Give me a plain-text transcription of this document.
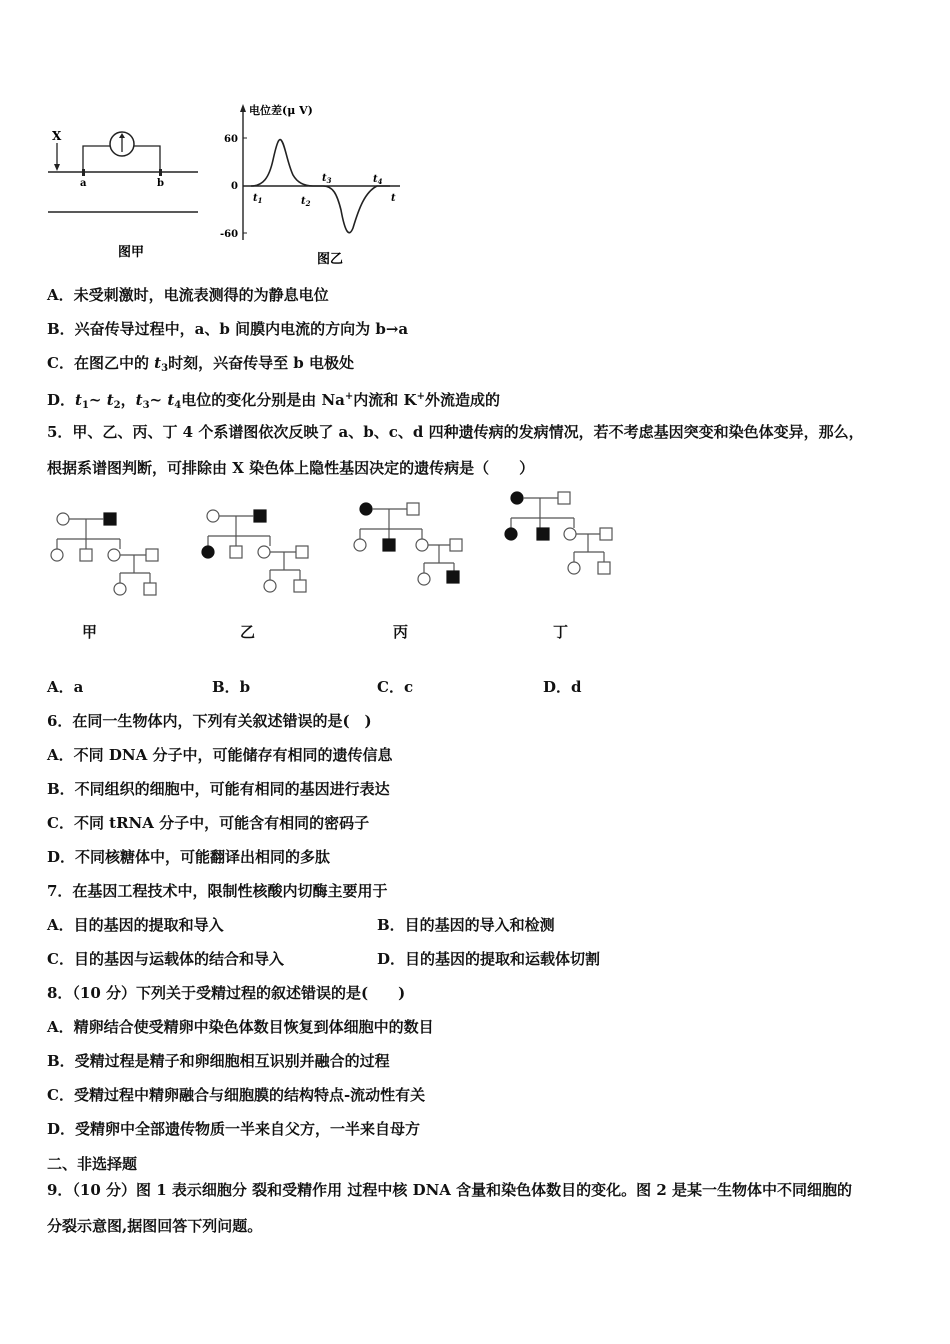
X
a	b
图甲
电位差(μ V)
60
0
-60
$t_1$	$t_2$
$t_3$	$t_4$
t
图乙
A．未受刺激时，电流表测得的为静息电位
B．兴奋传导过程中，a、b 间膜内电流的方向为 b→a
C．在图乙中的 $t_3$时刻，兴奋传导至 b 电极处
D．$t_1\sim$ $t_2$，$t_3\sim$ $t_4$电位的变化分别是由 Na+内流和 K+外流造成的
5．甲、乙、丙、丁 4 个系谱图依次反映了 a、b、c、d 四种遗传病的发病情况，若不考虑基因突变和染色体变异，那么，
根据系谱图判断，可排除由 X 染色体上隐性基因决定的遗传病是（　　）
甲	乙	丙	丁
A．a	B．b	C．c	D．d
6．在同一生物体内，下列有关叙述错误的是(　)
A．不同 DNA 分子中，可能储存有相同的遗传信息
B．不同组织的细胞中，可能有相同的基因进行表达
C．不同 tRNA 分子中，可能含有相同的密码子
D．不同核糖体中，可能翻译出相同的多肽
7．在基因工程技术中，限制性核酸内切酶主要用于
A．目的基因的提取和导入	B．目的基因的导入和检测
C．目的基因与运载体的结合和导入	D．目的基因的提取和运载体切割
8．（10 分）下列关于受精过程的叙述错误的是(　　)
A．精卵结合使受精卵中染色体数目恢复到体细胞中的数目
B．受精过程是精子和卵细胞相互识别并融合的过程
C．受精过程中精卵融合与细胞膜的结构特点-流动性有关
D．受精卵中全部遗传物质一半来自父方，一半来自母方
二、非选择题
9．（10 分）图 1 表示细胞分 裂和受精作用 过程中核 DNA 含量和染色体数目的变化。图 2 是某一生物体中不同细胞的
分裂示意图,据图回答下列问题。
